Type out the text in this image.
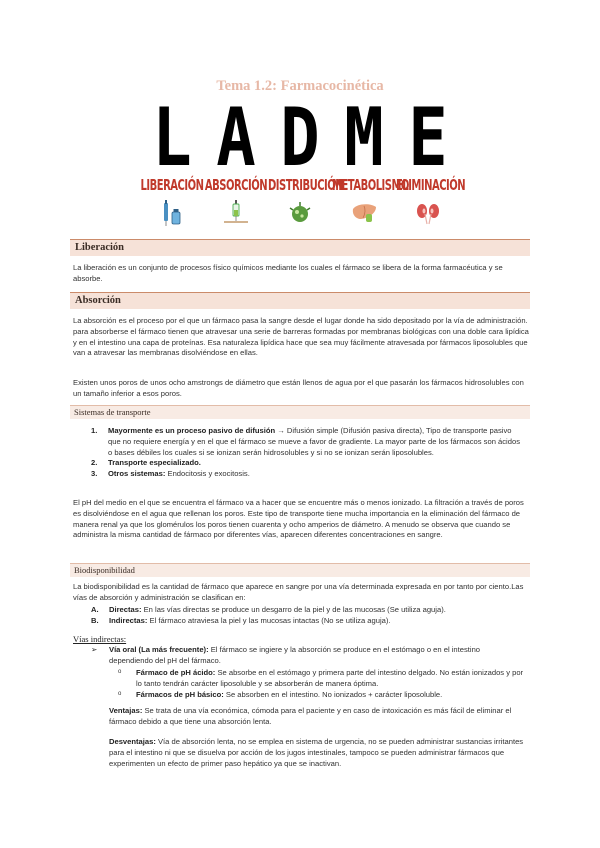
Tema 1.2: Farmacocinética
L A D M E
LIBERACIÓN ABSORCIÓN DISTRIBUCIÓN
METABOLISMO
ELIMINACIÓN
Liberación

La liberación es un conjunto de procesos físico químicos mediante los cuales el fármaco se libera de la forma farmacéutica y se absorbe.

Absorción

La absorción es el proceso por el que un fármaco pasa la sangre desde el lugar donde ha sido depositado por la vía de administración. para absorberse el fármaco tienen que atravesar una serie de barreras formadas por membranas biológicas con una doble cara lipídica y en el intestino una capa de proteínas. Esa naturaleza lipídica hace que sea muy fácilmente atravesada por fármacos liposolubles que van a atravesar las membranas disolviéndose en ellas.

Existen unos poros de unos ocho amstrongs de diámetro que están llenos de agua por el que pasarán los fármacos hidrosolubles con un tamaño inferior a esos poros.

Sistemas de transporte
1. Mayormente es un proceso pasivo de difusión → Difusión simple (Difusión pasiva directa), Tipo de transporte pasivo que no requiere energía y en el que el fármaco se mueve a favor de gradiente. La mayor parte de los fármacos son ácidos o bases débiles los cuales si se ionizan serán hidrosolubles y si no se ionizan serán liposolubles.
2. Transporte especializado.
3. Otros sistemas: Endocitosis y exocitosis.

El pH del medio en el que se encuentra el fármaco va a hacer que se encuentre más o menos ionizado. La filtración a través de poros es disolviéndose en el agua que rellenan los poros. Este tipo de transporte tiene mucha importancia en la eliminación del fármaco de manera renal ya que los glomérulos los poros tienen cuarenta y ocho amperios de diámetro. A menudo se observa que cuando se administra la misma cantidad de fármaco por diferentes vías, aparecen diferentes concentraciones en sangre.

Biodisponibilidad

La biodisponibilidad es la cantidad de fármaco que aparece en sangre por una vía determinada expresada en por tanto por ciento.Las vías de absorción y administración se clasifican en:

A. Directas: En las vías directas se produce un desgarro de la piel y de las mucosas (Se utiliza aguja).
B. Indirectas: El fármaco atraviesa la piel y las mucosas intactas (No se utiliza aguja).
Vías indirectas:
➢ Vía oral (La más frecuente): El fármaco se ingiere y la absorción se produce en el estómago o en el intestino dependiendo del pH del fármaco.
o Fármaco de pH ácido: Se absorbe en el estómago y primera parte del intestino delgado. No están ionizados y por lo tanto tendrán carácter liposoluble y se absorberán de manera óptima.
o Fármacos de pH básico: Se absorben en el intestino. No ionizados + carácter liposoluble.

Ventajas: Se trata de una vía económica, cómoda para el paciente y en caso de intoxicación es más fácil de eliminar el fármaco debido a que tiene una absorción lenta.

Desventajas: Vía de absorción lenta, no se emplea en sistema de urgencia, no se pueden administrar sustancias irritantes para el intestino ni que se disuelva por acción de los jugos intestinales, tampoco se pueden administrar fármacos que experimenten un efecto de primer paso hepático ya que se inactivan.
